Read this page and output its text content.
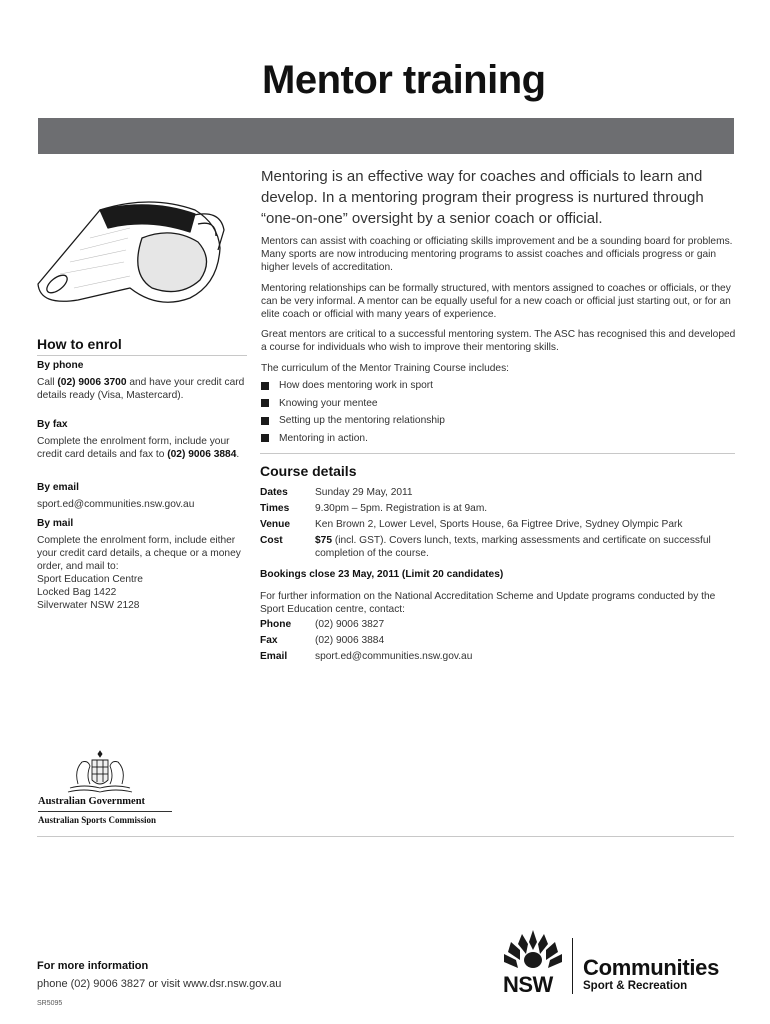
Mentor training
Mentoring is an effective way for coaches and officials to learn and develop. In a mentoring program their progress is nurtured through “one-on-one” oversight by a senior coach or official.
Mentors can assist with coaching or officiating skills improvement and be a sounding board for problems. Many sports are now introducing mentoring programs to assist coaches and officials progress or gain higher levels of accreditation.
Mentoring relationships can be formally structured, with mentors assigned to coaches or officials, or they can be very informal. A mentor can be equally useful for a new coach or official just starting out, or for an elite coach or official with many years of experience.
Great mentors are critical to a successful mentoring system. The ASC has recognised this and developed a course for individuals who wish to improve their mentoring skills.
The curriculum of the Mentor Training Course includes:
How does mentoring work in sport
Knowing your mentee
Setting up the mentoring relationship
Mentoring in action.
Course details
Dates	Sunday 29 May, 2011
Times	9.30pm – 5pm. Registration is at 9am.
Venue	Ken Brown 2, Lower Level, Sports House, 6a Figtree Drive, Sydney Olympic Park
Cost	$75 (incl. GST). Covers lunch, texts, marking assessments and certificate on successful completion of the course.
Bookings close 23 May, 2011 (Limit 20 candidates)
For further information on the National Accreditation Scheme and Update programs conducted by the Sport Education centre, contact:
Phone	(02) 9006 3827
Fax	(02) 9006 3884
Email	sport.ed@communities.nsw.gov.au
How to enrol
By phone
Call (02) 9006 3700 and have your credit card details ready (Visa, Mastercard).
By fax
Complete the enrolment form, include your credit card details and fax to (02) 9006 3884.
By email
sport.ed@communities.nsw.gov.au
By mail
Complete the enrolment form, include either your credit card details, a cheque or a money order, and mail to:
Sport Education Centre
Locked Bag 1422
Silverwater NSW 2128
Australian Government
Australian Sports Commission
For more information
phone (02) 9006 3827 or visit www.dsr.nsw.gov.au
SR5095
NSW
Communities
Sport & Recreation
